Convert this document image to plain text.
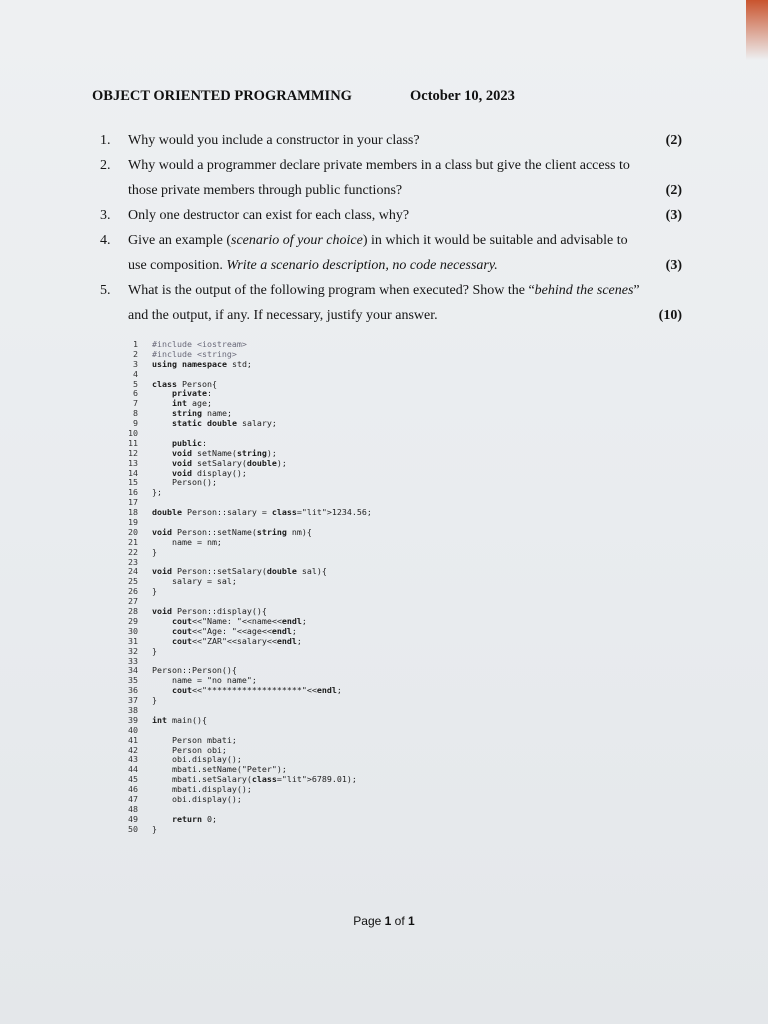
OBJECT ORIENTED PROGRAMMING	October 10, 2023
1. Why would you include a constructor in your class?	(2)
2. Why would a programmer declare private members in a class but give the client access to those private members through public functions?	(2)
3. Only one destructor can exist for each class, why?	(3)
4. Give an example (scenario of your choice) in which it would be suitable and advisable to use composition. Write a scenario description, no code necessary.	(3)
5. What is the output of the following program when executed? Show the “behind the scenes” and the output, if any. If necessary, justify your answer.	(10)
1 #include <iostream>
2 #include <string>
3 using namespace std;
4
5 class Person{
6	private:
7	int age;
8	string name;
9	static double salary;
10
11	public:
12	void setName(string);
13	void setSalary(double);
14	void display();
15    Person();
16 };
17
18 double Person::salary = class="lit">1234.56;
19
20 void Person::setName(string nm){
21    name = nm;
22 }
23
24 void Person::setSalary(double sal){
25    salary = sal;
26 }
27
28 void Person::display(){
29	cout<<"Name: "<<name<<endl;
30	cout<<"Age: "<<age<<endl;
31	cout<<"ZAR"<<salary<<endl;
32 }
33
34 Person::Person(){
35    name = "no name";
36	cout<<"*******************"<<endl;
37 }
38
39 int main(){
40
41    Person mbati;
42    Person obi;
43    obi.display();
44    mbati.setName("Peter");
45    mbati.setSalary(class="lit">6789.01);
46    mbati.display();
47    obi.display();
48
49	return 0;
50 }
Page 1 of 1
